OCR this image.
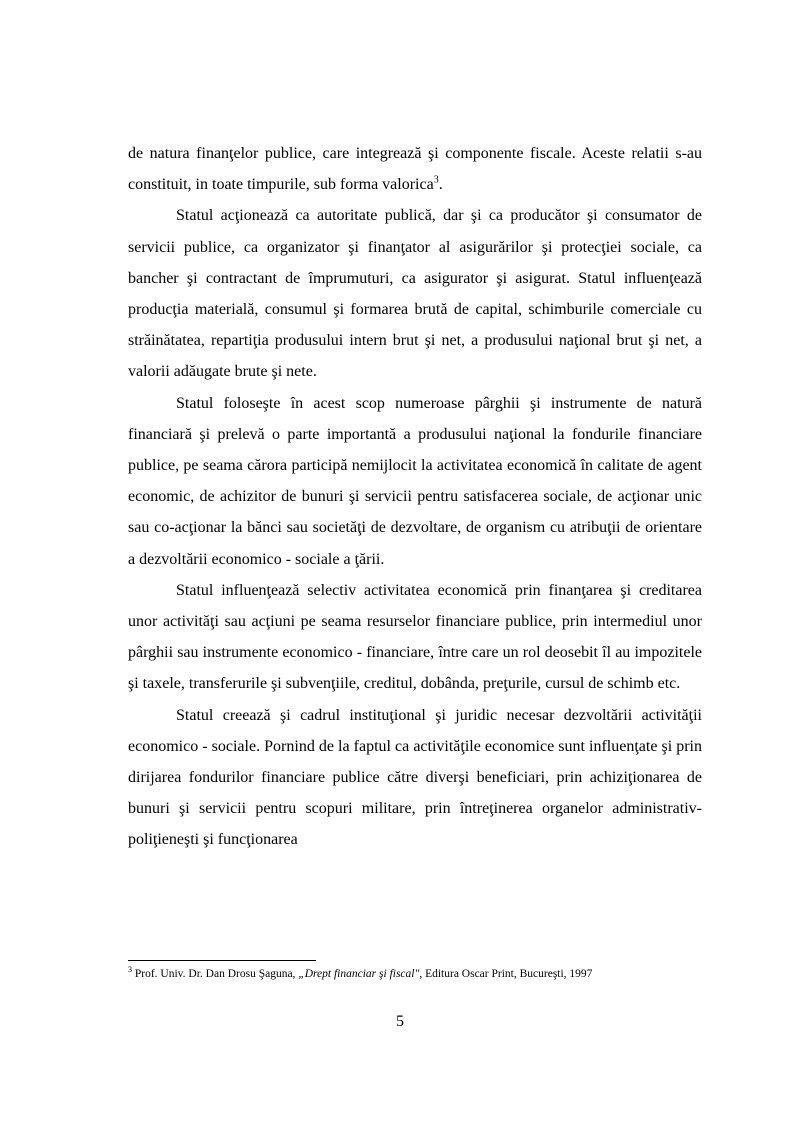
de natura finanţelor publice, care integrează şi componente fiscale. Aceste relatii s-au constituit, in toate timpurile, sub forma valorica$^3$.

Statul acţionează ca autoritate publică, dar şi ca producător şi consumator de servicii publice, ca organizator şi finanţator al asigurărilor şi protecţiei sociale, ca bancher şi contractant de împrumuturi, ca asigurator şi asigurat. Statul influenţează producţia materială, consumul şi formarea brută de capital, schimburile comerciale cu străinătatea, repartiţia produsului intern brut şi net, a produsului naţional brut şi net, a valorii adăugate brute şi nete.

Statul foloseşte în acest scop numeroase pârghii şi instrumente de natură financiară şi prelevă o parte importantă a produsului naţional la fondurile financiare publice, pe seama cărora participă nemijlocit la activitatea economică în calitate de agent economic, de achizitor de bunuri şi servicii pentru satisfacerea sociale, de acţionar unic sau co-acţionar la bănci sau societăţi de dezvoltare, de organism cu atribuţii de orientare a dezvoltării economico - sociale a ţării.

Statul influenţează selectiv activitatea economică prin finanţarea şi creditarea unor activităţi sau acţiuni pe seama resurselor financiare publice, prin intermediul unor pârghii sau instrumente economico - financiare, între care un rol deosebit îl au impozitele şi taxele, transferurile şi subvenţiile, creditul, dobânda, preţurile, cursul de schimb etc.

Statul creează şi cadrul instituţional şi juridic necesar dezvoltării activităţii economico - sociale. Pornind de la faptul ca activităţile economice sunt influenţate şi prin dirijarea fondurilor financiare publice către diverşi beneficiari, prin achiziţionarea de bunuri şi servicii pentru scopuri militare, prin întreţinerea organelor administrativ-poliţieneşti şi funcţionarea

$^3$ Prof. Univ. Dr. Dan Drosu Şaguna, „Drept financiar şi fiscal", Editura Oscar Print, Bucureşti, 1997
5
